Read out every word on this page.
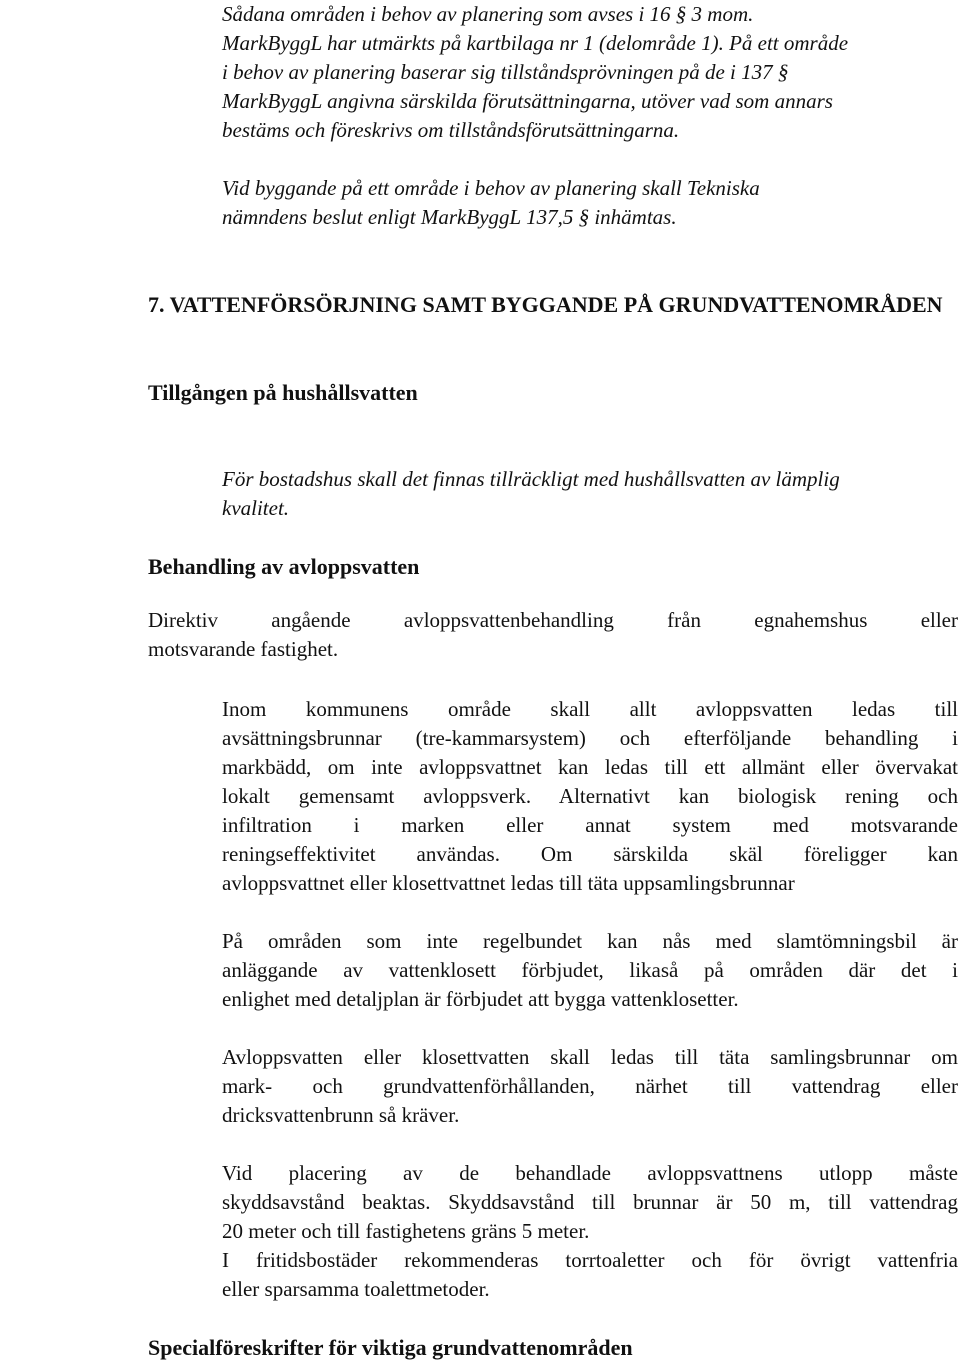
Sådana områden i behov av planering som avses i 16 § 3 mom.
MarkByggL har utmärkts på kartbilaga nr 1 (delområde 1). På ett område
i behov av planering baserar sig tillståndsprövningen på de i 137 §
MarkByggL angivna särskilda förutsättningarna, utöver vad som annars
bestäms och föreskrivs om tillståndsförutsättningarna.
Vid byggande på ett område i behov av planering skall Tekniska
nämndens beslut enligt MarkByggL 137,5 § inhämtas.
7. VATTENFÖRSÖRJNING SAMT BYGGANDE PÅ GRUNDVATTENOMRÅDEN
Tillgången på hushållsvatten
För bostadshus skall det finnas tillräckligt med hushållsvatten av lämplig
kvalitet.
Behandling av avloppsvatten
Direktiv angående avloppsvattenbehandling från egnahemshus eller
motsvarande fastighet.
Inom kommunens område skall allt avloppsvatten ledas till
avsättningsbrunnar (tre-kammarsystem) och efterföljande behandling i
markbädd, om inte avloppsvattnet kan ledas till ett allmänt eller övervakat
lokalt gemensamt avloppsverk. Alternativt kan biologisk rening och
infiltration i marken eller annat system med motsvarande
reningseffektivitet användas. Om särskilda skäl föreligger kan
avloppsvattnet eller klosettvattnet ledas till täta uppsamlingsbrunnar
På områden som inte regelbundet kan nås med slamtömningsbil är
anläggande av vattenklosett förbjudet, likaså på områden där det i
enlighet med detaljplan är förbjudet att bygga vattenklosetter.
Avloppsvatten eller klosettvatten skall ledas till täta samlingsbrunnar om
mark- och grundvattenförhållanden, närhet till vattendrag eller
dricksvattenbrunn så kräver.
Vid placering av de behandlade avloppsvattnens utlopp måste
skyddsavstånd beaktas. Skyddsavstånd till brunnar är 50 m, till vattendrag
20 meter och till fastighetens gräns 5 meter.
I fritidsbostäder rekommenderas torrtoaletter och för övrigt vattenfria
eller sparsamma toalettmetoder.
Specialföreskrifter för viktiga grundvattenområden
